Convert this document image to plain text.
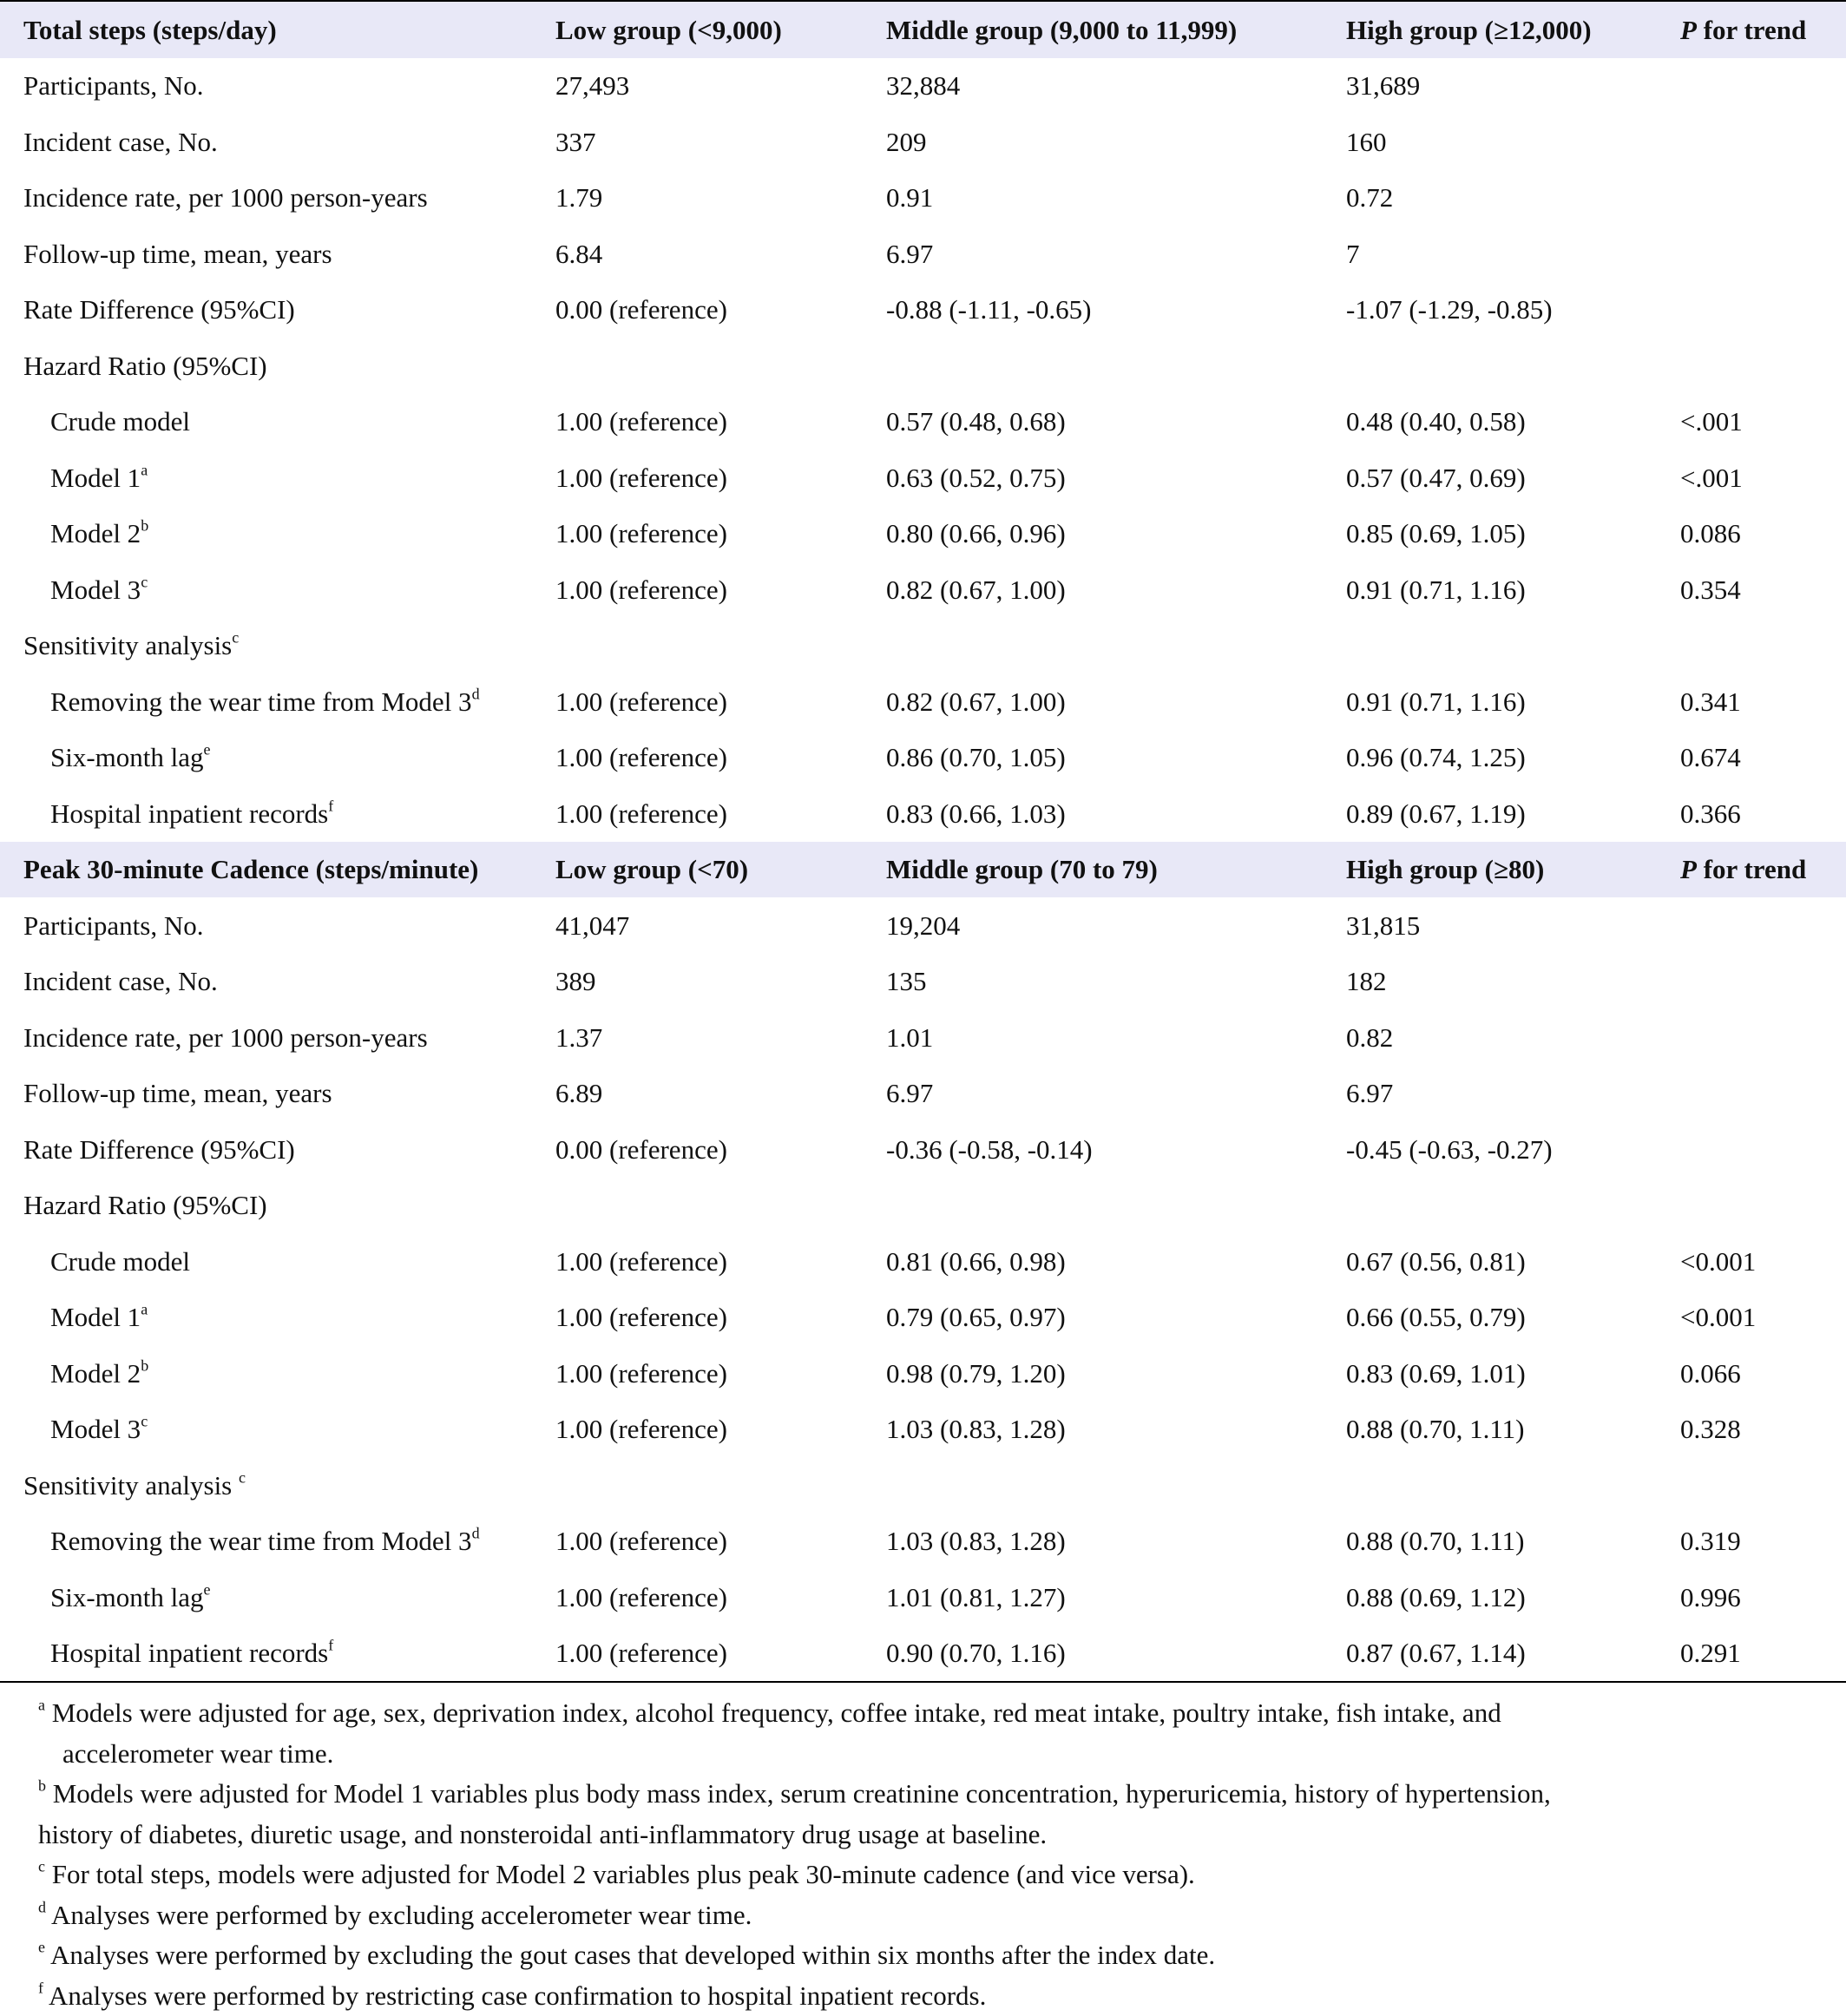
Total steps (steps/day)	Low group (<9,000)	Middle group (9,000 to 11,999)	High group (≥12,000)	P for trend
Participants, No.	27,493	32,884	31,689	
Incident case, No.	337	209	160	
Incidence rate, per 1000 person-years	1.79	0.91	0.72	
Follow-up time, mean, years	6.84	6.97	7	
Rate Difference (95%CI)	0.00 (reference)	-0.88 (-1.11, -0.65)	-1.07 (-1.29, -0.85)	
Hazard Ratio (95%CI)				
Crude model	1.00 (reference)	0.57 (0.48, 0.68)	0.48 (0.40, 0.58)	<.001
Model 1$^a$	1.00 (reference)	0.63 (0.52, 0.75)	0.57 (0.47, 0.69)	<.001
Model 2$^b$	1.00 (reference)	0.80 (0.66, 0.96)	0.85 (0.69, 1.05)	0.086
Model 3$^c$	1.00 (reference)	0.82 (0.67, 1.00)	0.91 (0.71, 1.16)	0.354
Sensitivity analysis$^c$				
Removing the wear time from Model 3$^d$	1.00 (reference)	0.82 (0.67, 1.00)	0.91 (0.71, 1.16)	0.341
Six-month lag$^e$	1.00 (reference)	0.86 (0.70, 1.05)	0.96 (0.74, 1.25)	0.674
Hospital inpatient records$^f$	1.00 (reference)	0.83 (0.66, 1.03)	0.89 (0.67, 1.19)	0.366
Peak 30-minute Cadence (steps/minute)	Low group (<70)	Middle group (70 to 79)	High group (≥80)	P for trend
Participants, No.	41,047	19,204	31,815	
Incident case, No.	389	135	182	
Incidence rate, per 1000 person-years	1.37	1.01	0.82	
Follow-up time, mean, years	6.89	6.97	6.97	
Rate Difference (95%CI)	0.00 (reference)	-0.36 (-0.58, -0.14)	-0.45 (-0.63, -0.27)	
Hazard Ratio (95%CI)				
Crude model	1.00 (reference)	0.81 (0.66, 0.98)	0.67 (0.56, 0.81)	<0.001
Model 1$^a$	1.00 (reference)	0.79 (0.65, 0.97)	0.66 (0.55, 0.79)	<0.001
Model 2$^b$	1.00 (reference)	0.98 (0.79, 1.20)	0.83 (0.69, 1.01)	0.066
Model 3$^c$	1.00 (reference)	1.03 (0.83, 1.28)	0.88 (0.70, 1.11)	0.328
Sensitivity analysis $^c$				
Removing the wear time from Model 3$^d$	1.00 (reference)	1.03 (0.83, 1.28)	0.88 (0.70, 1.11)	0.319
Six-month lag$^e$	1.00 (reference)	1.01 (0.81, 1.27)	0.88 (0.69, 1.12)	0.996
Hospital inpatient records$^f$	1.00 (reference)	0.90 (0.70, 1.16)	0.87 (0.67, 1.14)	0.291
$^a$ Models were adjusted for age, sex, deprivation index, alcohol frequency, coffee intake, red meat intake, poultry intake, fish intake, and
accelerometer wear time.
$^b$ Models were adjusted for Model 1 variables plus body mass index, serum creatinine concentration, hyperuricemia, history of hypertension,
history of diabetes, diuretic usage, and nonsteroidal anti-inflammatory drug usage at baseline.
$^c$ For total steps, models were adjusted for Model 2 variables plus peak 30-minute cadence (and vice versa).
$^d$ Analyses were performed by excluding accelerometer wear time.
$^e$ Analyses were performed by excluding the gout cases that developed within six months after the index date.
$^f$ Analyses were performed by restricting case confirmation to hospital inpatient records.
